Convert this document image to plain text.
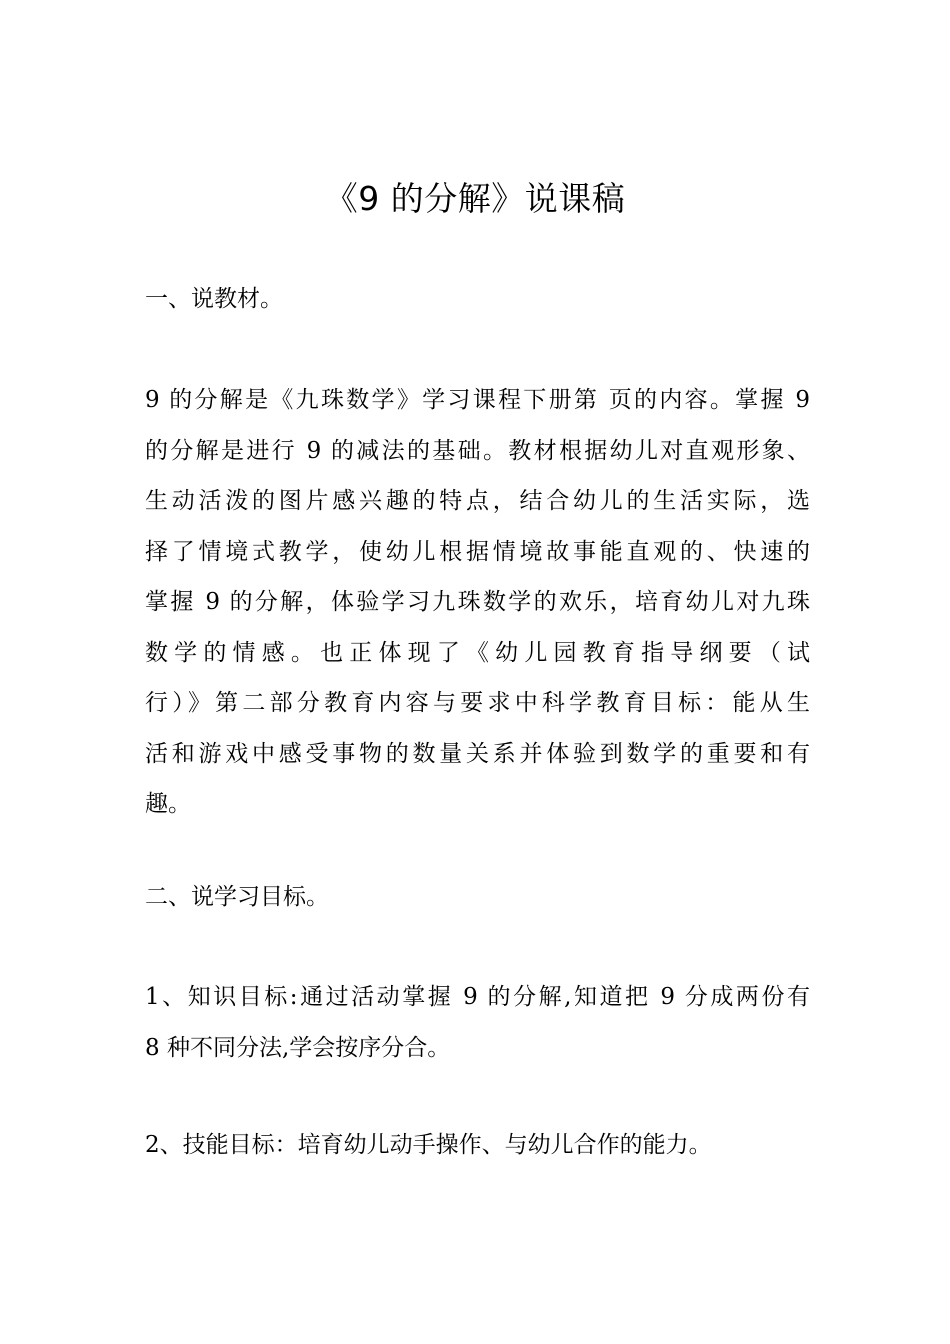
《9 的分解》说课稿
一、说教材。
9 的分解是《九珠数学》学习课程下册第 页的内容。掌握 9
的分解是进行 9 的减法的基础。教材根据幼儿对直观形象、
生动活泼的图片感兴趣的特点，结合幼儿的生活实际，选
择了情境式教学，使幼儿根据情境故事能直观的、快速的
掌握 9 的分解，体验学习九珠数学的欢乐，培育幼儿对九珠
数学的情感。也正体现了《幼儿园教育指导纲要（试
行）》第二部分教育内容与要求中科学教育目标：能从生
活和游戏中感受事物的数量关系并体验到数学的重要和有
趣。
二、说学习目标。
1、知识目标:通过活动掌握 9 的分解,知道把 9 分成两份有
8 种不同分法,学会按序分合。
2、技能目标：培育幼儿动手操作、与幼儿合作的能力。
